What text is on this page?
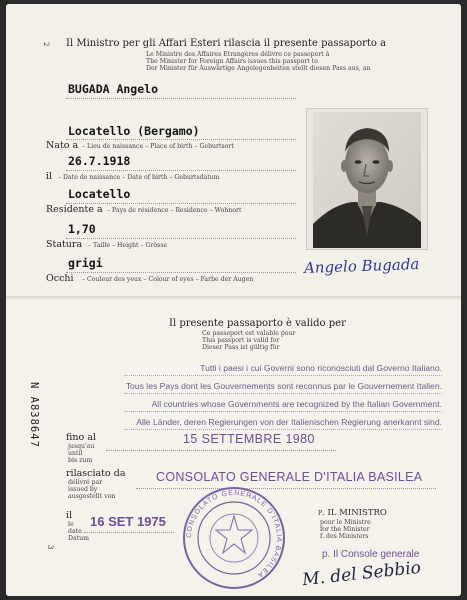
2 Il Ministro per gli Affari Esteri rilascia il presente passaporto a
Le Ministre des Affaires Etrangères délivre ce passeport à
The Minister for Foreign Affairs issues this passport to
Der Minister für Auswärtige Angelegenheiten stellt diesen Pass aus, an
BUGADA Angelo
Locatello (Bergamo)
Nato a – Lieu de naissance – Place of birth – Geburtsort
26.7.1918
il – Date de naissance – Date of birth – Geburtsdatum
Locatello
Residente a – Pays de résidence – Residence – Wohnort
1,70
Statura – Taille – Height – Grösse
grigi
Occhi – Couleur des yeux – Colour of eyes – Farbe der Augen
Angelo Bugada
Il presente passaporto è valido per
Ce passeport est valable pour
This passport is valid for
Dieser Pass ist gültig für
Tutti i paesi i cui Governi sono riconosciuti dal Governo Italiano.
Tous les Pays dont les Gouvernements sont reconnus par le Gouvernement Italien.
All countries whose Governments are recognized by the Italian Government.
Alle Länder, deren Regierungen von der Italienischen Regierung anerkannt sind.
N A838647	fino al
jusqu'au
until
bis zum
15 SETTEMBRE 1980
rilasciato da
délivré par
issued by
ausgestellt von
CONSOLATO GENERALE D'ITALIA BASILEA
il
le
date
Datum
16 SET 1975
CONSOLATO GENERALE D'ITALIA BASILEA
p. IL MINISTRO
pour le Ministre
for the Minister
f. des Ministers
p. Il Console generale
M. del Sebbio
3
